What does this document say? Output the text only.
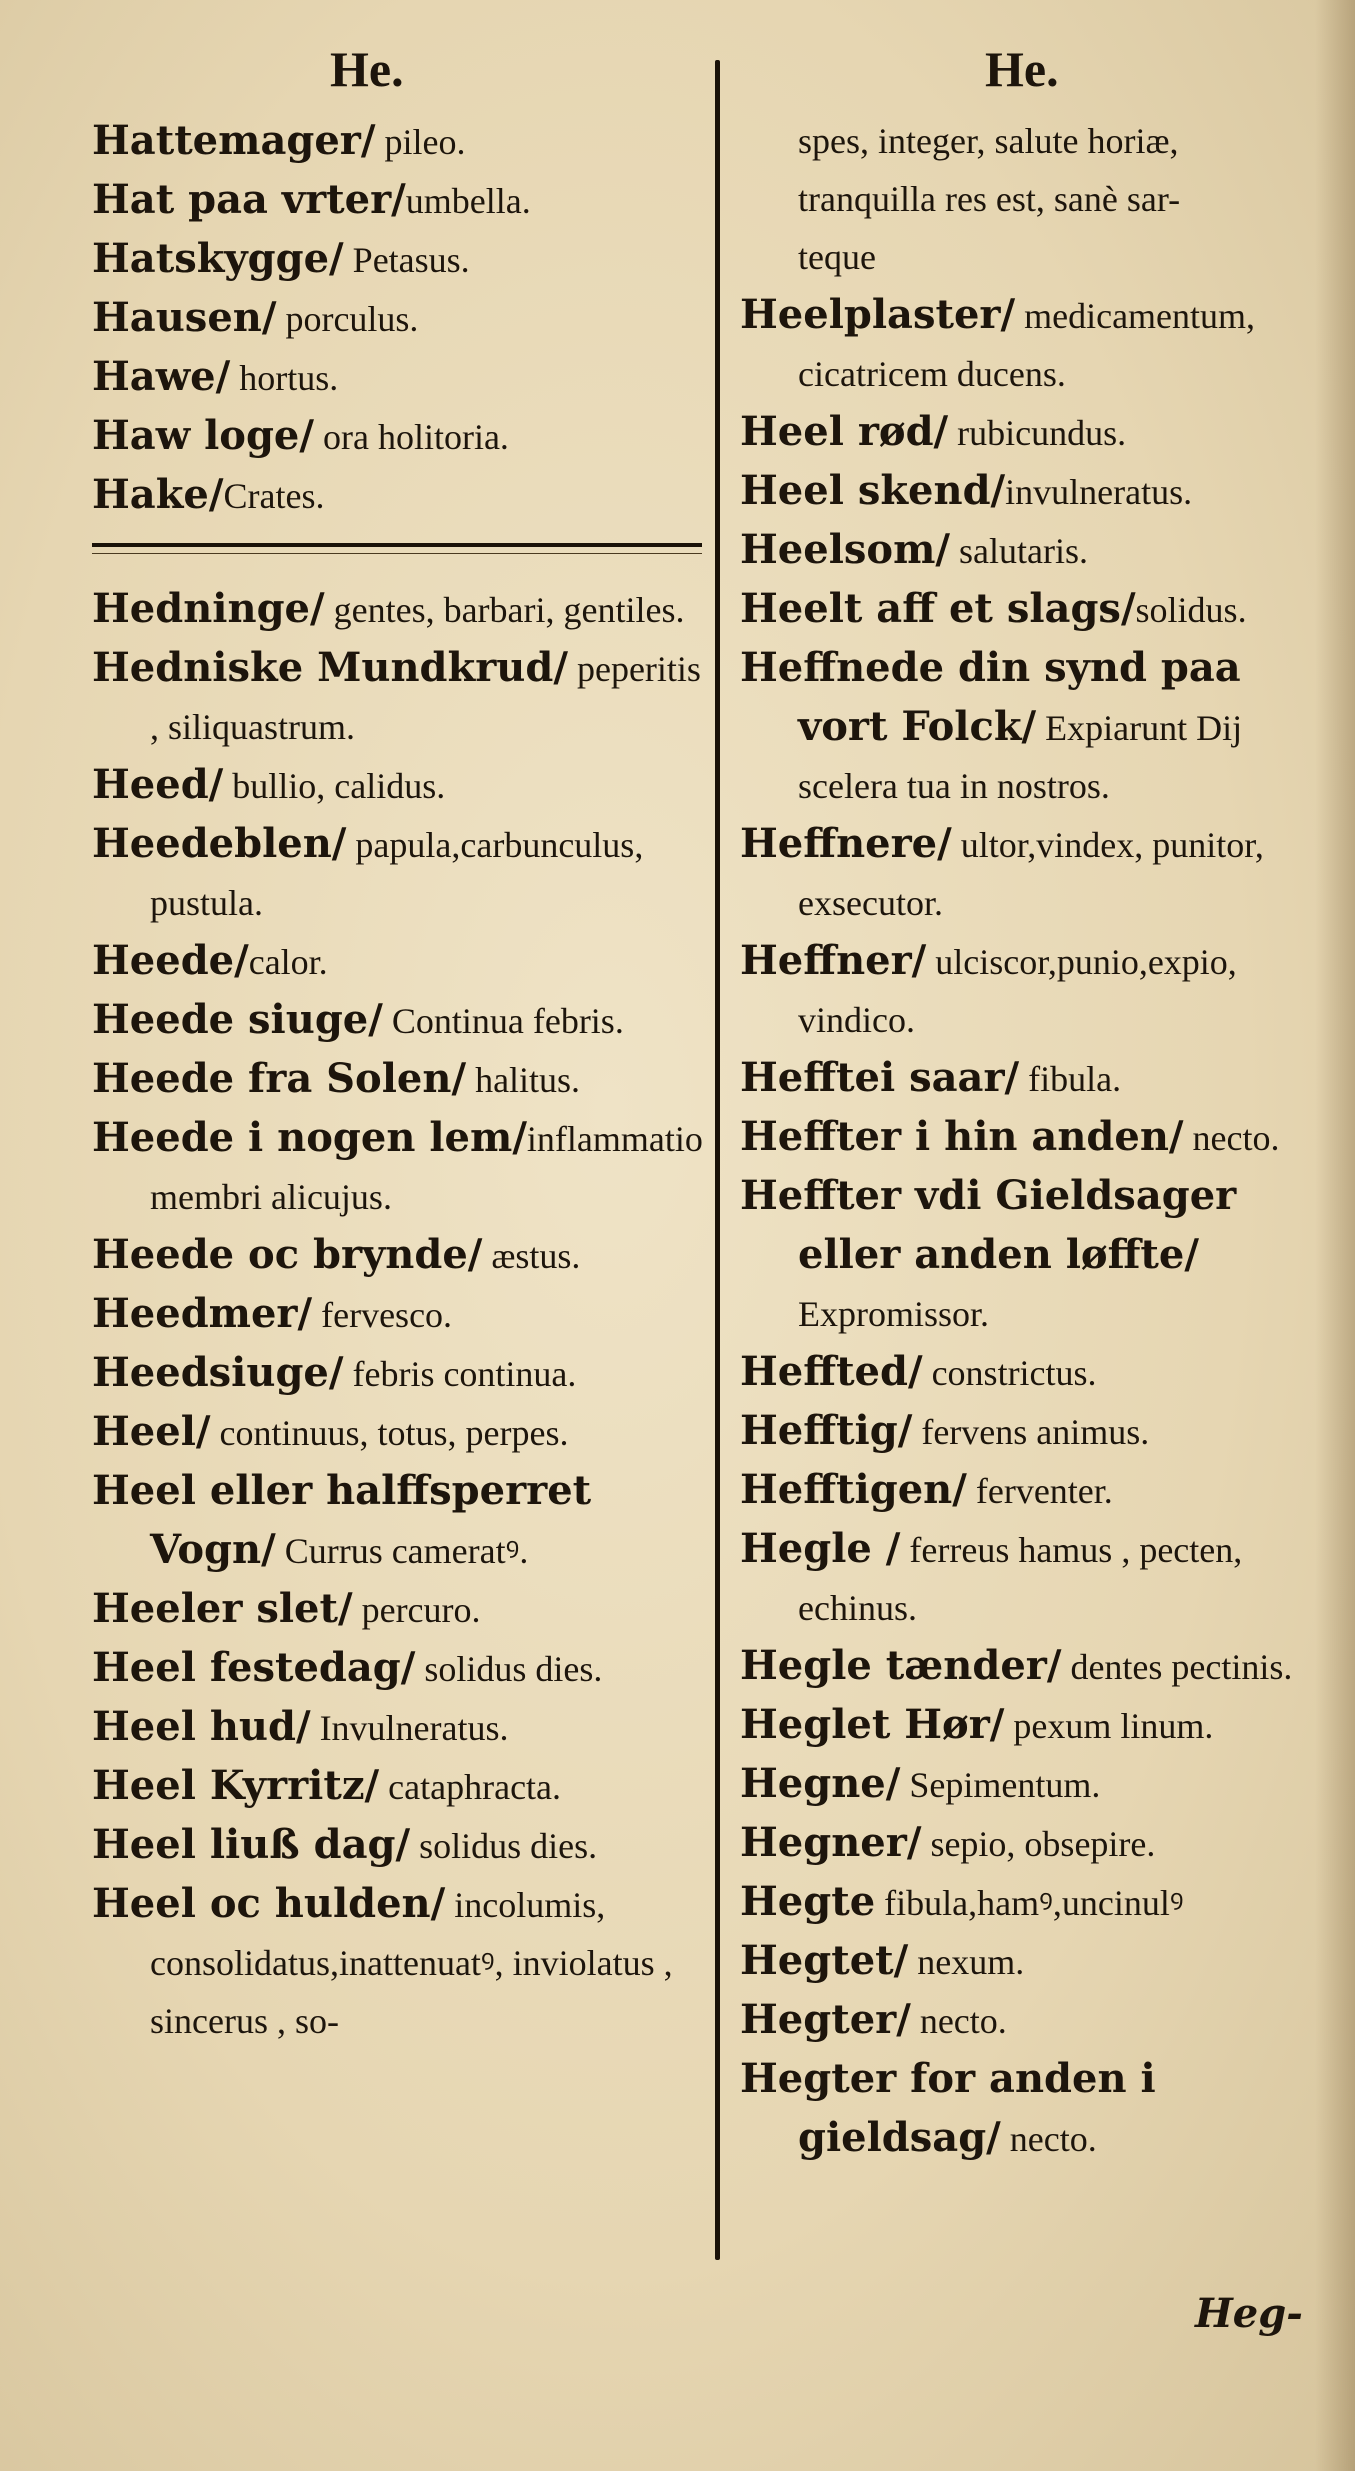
He.	He.

Hattemager/ pileo.

Hat paa vrter/umbella.

Hatskygge/ Petasus.

Hausen/ porculus.

Hawe/ hortus.

Haw loge/ ora holitoria.

Hake/Crates.

Hedninge/ gentes, barbari, gentiles.

Hedniske Mundkrud/ peperitis , siliquastrum.

Heed/ bullio, calidus.

Heedeblen/ papula,carbunculus, pustula.

Heede/calor.

Heede siuge/ Continua febris.

Heede fra Solen/ halitus.

Heede i nogen lem/inflammatio membri alicujus.

Heede oc brynde/ æstus.

Heedmer/ fervesco.

Heedsiuge/ febris continua.

Heel/ continuus, totus, perpes.

Heel eller halffsperret Vogn/ Currus cameratꝰ.

Heeler slet/ percuro.

Heel festedag/ solidus dies.

Heel hud/ Invulneratus.

Heel Kyrritz/ cataphracta.

Heel liuß dag/ solidus dies.

Heel oc hulden/ incolumis, consolidatus,inattenuatꝰ, inviolatus , sincerus , so-

spes, integer, salute horiæ,

tranquilla res est, sanè sar-

teque

Heelplaster/ medicamentum, cicatricem ducens.

Heel rød/ rubicundus.

Heel skend/invulneratus.

Heelsom/ salutaris.

Heelt aff et slags/solidus.

Heffnede din synd paa vort Folck/ Expiarunt Dij scelera tua in nostros.

Heffnere/ ultor,vindex, punitor, exsecutor.

Heffner/ ulciscor,punio,expio, vindico.

Hefftei saar/ fibula.

Heffter i hin anden/ necto.

Heffter vdi Gieldsager eller anden løffte/ Expromissor.

Heffted/ constrictus.

Hefftig/ fervens animus.

Hefftigen/ ferventer.

Hegle / ferreus hamus , pecten, echinus.

Hegle tænder/ dentes pectinis.

Heglet Hør/ pexum linum.

Hegne/ Sepimentum.

Hegner/ sepio, obsepire.

Hegte fibula,hamꝰ,uncinulꝰ

Hegtet/ nexum.

Hegter/ necto.

Hegter for anden i gieldsag/ necto.

Heg-
